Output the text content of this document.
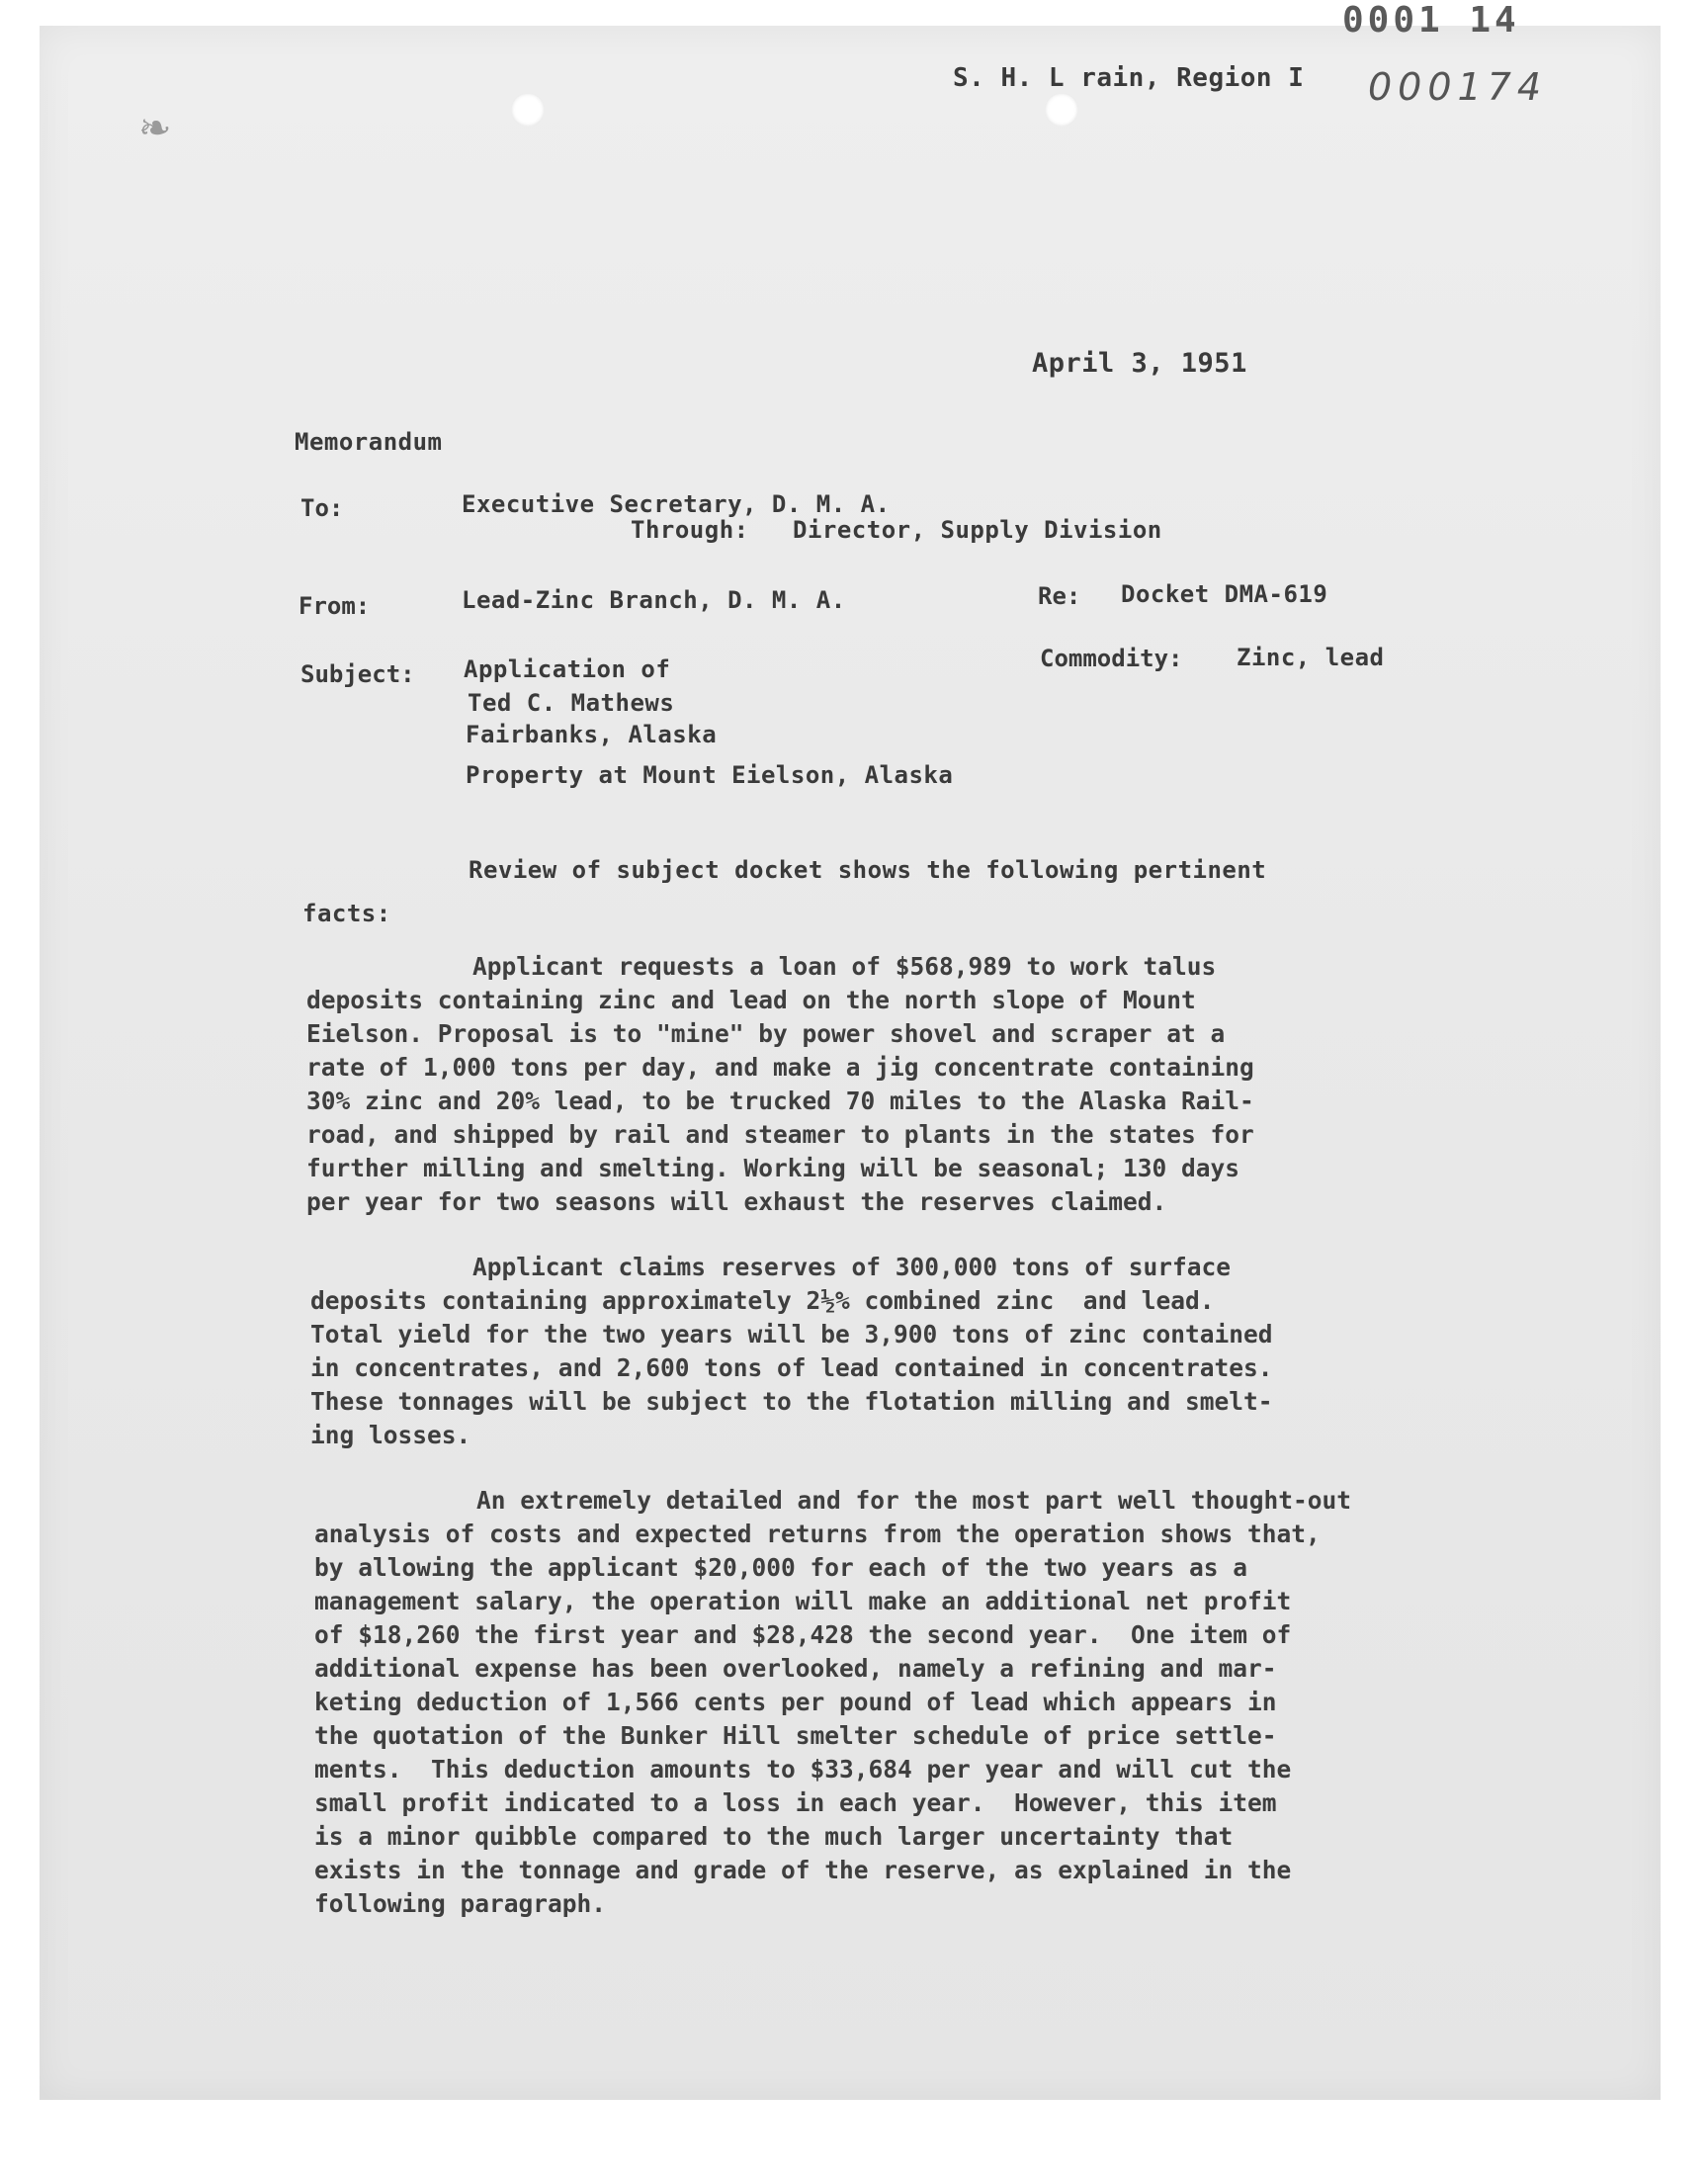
❧
0001 14
S. H. L rain, Region I 000174
April 3, 1951
Memorandum
To:	Executive Secretary, D. M. A.
Through: Director, Supply Division
From:	Lead-Zinc Branch, D. M. A.	Re: Docket DMA-619
Subject: Application of
Ted C. Mathews
Fairbanks, Alaska
Property at Mount Eielson, Alaska
Commodity: Zinc, lead
Review of subject docket shows the following pertinent
facts:
Applicant requests a loan of $568,989 to work talus
deposits containing zinc and lead on the north slope of Mount
Eielson. Proposal is to "mine" by power shovel and scraper at a
rate of 1,000 tons per day, and make a jig concentrate containing
30% zinc and 20% lead, to be trucked 70 miles to the Alaska Rail-
road, and shipped by rail and steamer to plants in the states for
further milling and smelting. Working will be seasonal; 130 days
per year for two seasons will exhaust the reserves claimed.
Applicant claims reserves of 300,000 tons of surface
deposits containing approximately 2½% combined zinc  and lead.
Total yield for the two years will be 3,900 tons of zinc contained
in concentrates, and 2,600 tons of lead contained in concentrates.
These tonnages will be subject to the flotation milling and smelt-
ing losses.
An extremely detailed and for the most part well thought-out
analysis of costs and expected returns from the operation shows that,
by allowing the applicant $20,000 for each of the two years as a
management salary, the operation will make an additional net profit
of $18,260 the first year and $28,428 the second year.  One item of
additional expense has been overlooked, namely a refining and mar-
keting deduction of 1,566 cents per pound of lead which appears in
the quotation of the Bunker Hill smelter schedule of price settle-
ments.  This deduction amounts to $33,684 per year and will cut the
small profit indicated to a loss in each year.  However, this item
is a minor quibble compared to the much larger uncertainty that
exists in the tonnage and grade of the reserve, as explained in the
following paragraph.
